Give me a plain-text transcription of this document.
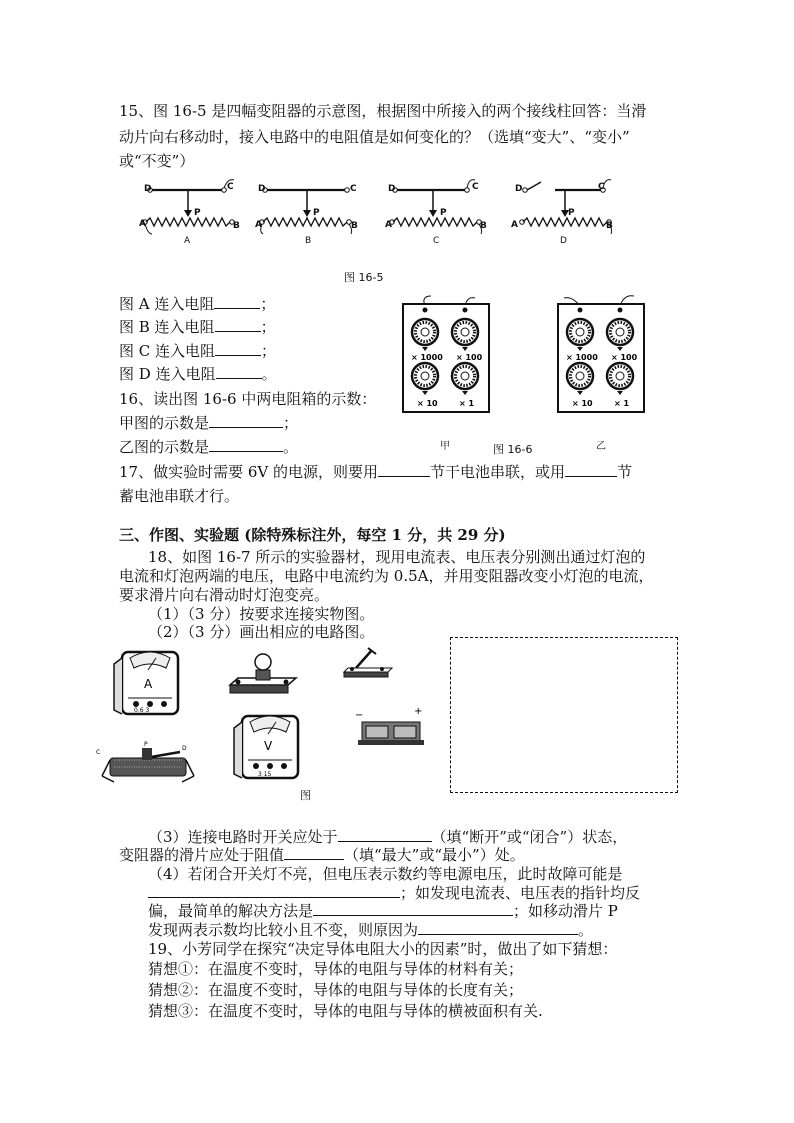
15、图 16-5 是四幅变阻器的示意图，根据图中所接入的两个接线柱回答：当滑
动片向右移动时，接入电路中的电阻值是如何变化的？（选填“变大”、“变小”
或“不变”）
D	C
A	B
P
D	C
A	B
P
D	C
A	B
P
D	C
A	B
P
A	B	C	D
图 16-5
图 A 连入电阻	；
图 B 连入电阻	；
图 C 连入电阻	；
图 D 连入电阻	。
16、读出图 16-6 中两电阻箱的示数：
甲图的示数是	；
乙图的示数是	。
× 1000 × 100
× 10	× 1
× 1000 × 100
× 10	× 1
甲	图 16-6	乙
17、做实验时需要 6V 的电源，则要用	节干电池串联，或用	节
蓄电池串联才行。
三、作图、实验题 (除特殊标注外，每空 1 分，共 29 分)
18、如图 16-7 所示的实验器材，现用电流表、电压表分别测出通过灯泡的
电流和灯泡两端的电压，电路中电流约为 0.5A，并用变阻器改变小灯泡的电流，
要求滑片向右滑动时灯泡变亮。
（1）（3 分）按要求连接实物图。
（2）（3 分）画出相应的电路图。
A
0.6 3	−	+
V
3 15
C
P
D
图
（3）连接电路时开关应处于	（填“断开”或“闭合”）状态，
变阻器的滑片应处于阻值	（填“最大”或“最小”）处。
（4）若闭合开关灯不亮，但电压表示数约等电源电压，此时故障可能是
；如发现电流表、电压表的指针均反
偏，最简单的解决方法是	；如移动滑片 P
发现两表示数均比较小且不变，则原因为	。
19、小芳同学在探究“决定导体电阻大小的因素”时，做出了如下猜想：
猜想①：在温度不变时，导体的电阻与导体的材料有关；
猜想②：在温度不变时，导体的电阻与导体的长度有关；
猜想③：在温度不变时，导体的电阻与导体的横被面积有关.
